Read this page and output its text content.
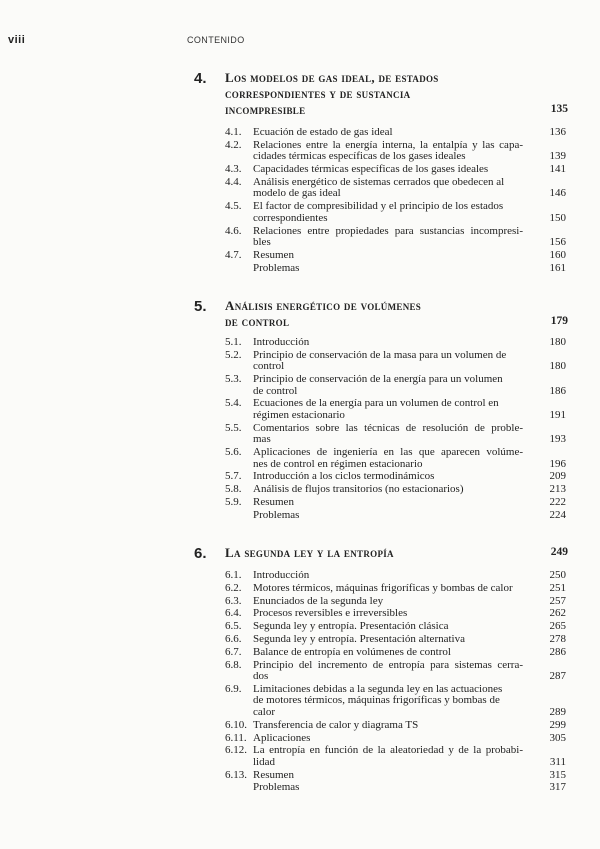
viii	CONTENIDO
4. Los modelos de gas ideal, de estados
correspondientes y de sustancia
incompresible	135
4.1. Ecuación de estado de gas ideal	136
4.2. Relaciones entre la energía interna, la entalpía y las capa-
cidades térmicas específicas de los gases ideales	139
4.3. Capacidades térmicas específicas de los gases ideales	141
4.4. Análisis energético de sistemas cerrados que obedecen al
modelo de gas ideal	146
4.5. El factor de compresibilidad y el principio de los estados
correspondientes	150
4.6. Relaciones entre propiedades para sustancias incompresi-
bles	156
4.7. Resumen	160
Problemas	161
5. Análisis energético de volúmenes
de control	179
5.1. Introducción	180
5.2. Principio de conservación de la masa para un volumen de
control	180
5.3. Principio de conservación de la energía para un volumen
de control	186
5.4. Ecuaciones de la energía para un volumen de control en
régimen estacionario	191
5.5. Comentarios sobre las técnicas de resolución de proble-
mas	193
5.6. Aplicaciones de ingeniería en las que aparecen volúme-
nes de control en régimen estacionario	196
5.7. Introducción a los ciclos termodinámicos	209
5.8. Análisis de flujos transitorios (no estacionarios)	213
5.9. Resumen	222
Problemas	224
6. La segunda ley y la entropía	249
6.1. Introducción	250
6.2. Motores térmicos, máquinas frigoríficas y bombas de calor	251
6.3. Enunciados de la segunda ley	257
6.4. Procesos reversibles e irreversibles	262
6.5. Segunda ley y entropía. Presentación clásica	265
6.6. Segunda ley y entropía. Presentación alternativa	278
6.7. Balance de entropía en volúmenes de control	286
6.8. Principio del incremento de entropía para sistemas cerra-
dos	287
6.9. Limitaciones debidas a la segunda ley en las actuaciones
de motores térmicos, máquinas frigoríficas y bombas de
calor	289
6.10. Transferencia de calor y diagrama TS	299
6.11. Aplicaciones	305
6.12. La entropía en función de la aleatoriedad y de la probabi-
lidad	311
6.13. Resumen	315
Problemas	317
